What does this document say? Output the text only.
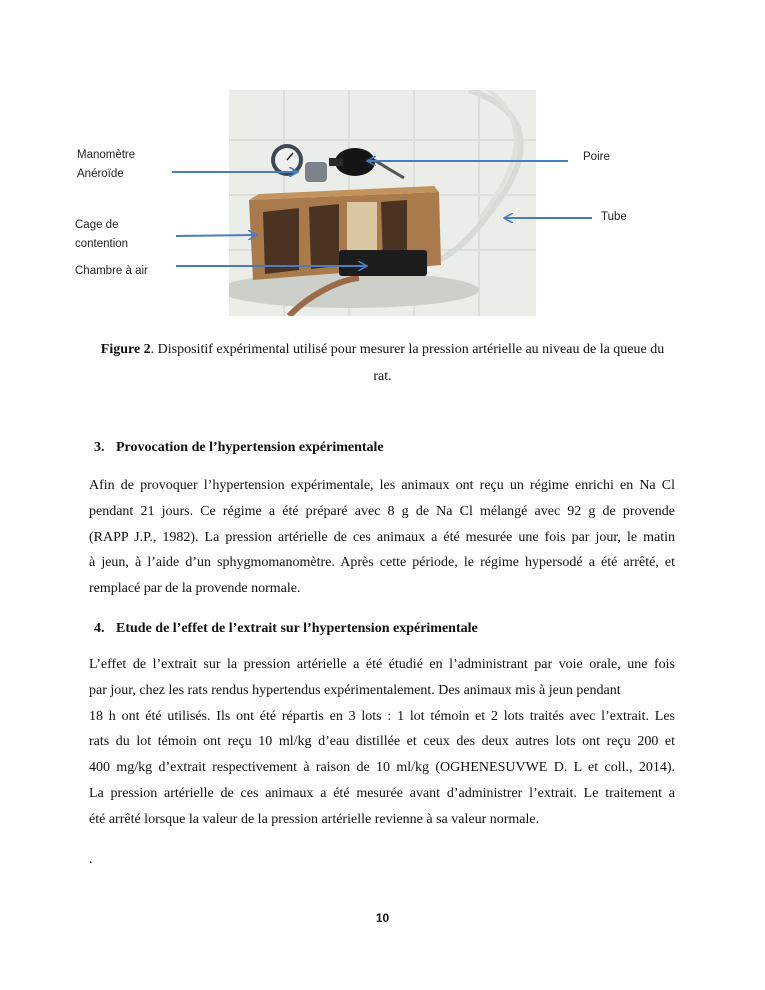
Manomètre
Anéroïde
Poire
Tube
Cage de
contention
Chambre à air
Figure 2. Dispositif expérimental utilisé pour mesurer la pression artérielle au niveau de la queue du rat.
3. Provocation de l’hypertension expérimentale

Afin de provoquer l’hypertension expérimentale, les animaux ont reçu un régime enrichi en Na Cl
pendant 21 jours. Ce régime a été préparé avec 8 g de Na Cl mélangé avec 92 g de provende
(RAPP J.P., 1982). La pression artérielle de ces animaux a été mesurée une fois par jour, le matin
à jeun, à l’aide d’un sphygmomanomètre. Après cette période, le régime hypersodé a été arrêté, et
remplacé par de la provende normale.

4. Etude de l’effet de l’extrait sur l’hypertension expérimentale

L’effet de l’extrait sur la pression artérielle a été étudié en l’administrant par voie orale, une fois
par jour, chez les rats rendus hypertendus expérimentalement. Des animaux mis à jeun pendant
18 h ont été utilisés. Ils ont été répartis en 3 lots : 1 lot témoin et 2 lots traités avec l’extrait. Les
rats du lot témoin ont reçu 10 ml/kg d’eau distillée et ceux des deux autres lots ont reçu 200 et
400 mg/kg d’extrait respectivement à raison de 10 ml/kg (OGHENESUVWE D. L et coll., 2014).
La pression artérielle de ces animaux a été mesurée avant d’administrer l’extrait. Le traitement a
été arrêté lorsque la valeur de la pression artérielle revienne à sa valeur normale.

.
10
